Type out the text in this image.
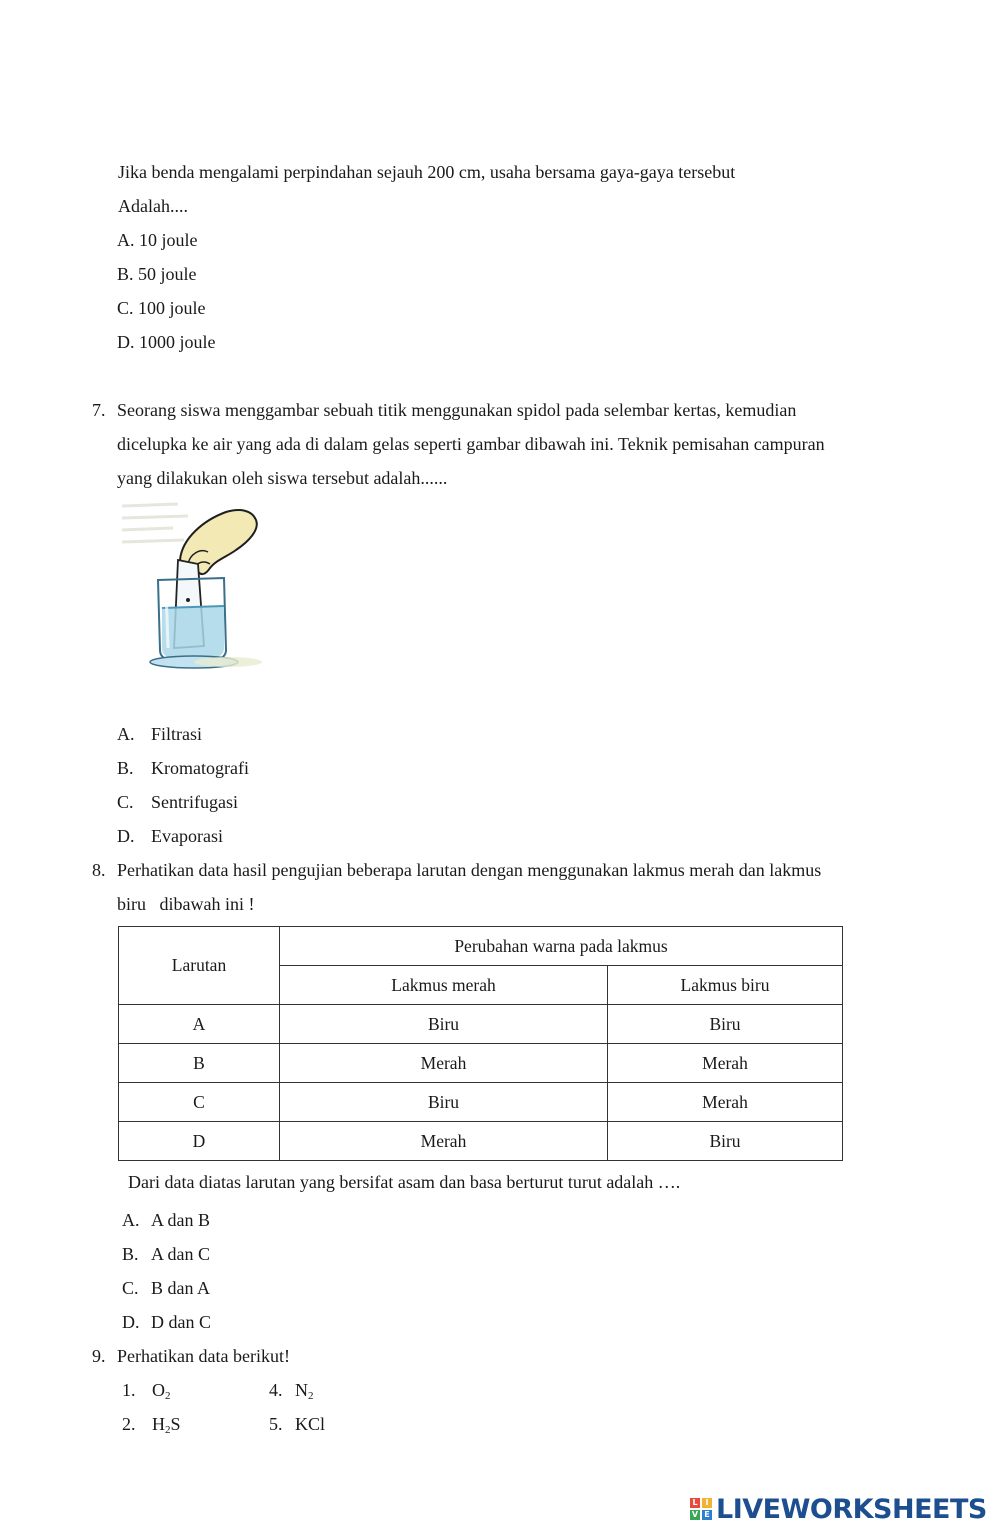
Jika benda mengalami perpindahan sejauh 200 cm, usaha bersama gaya-gaya tersebut
Adalah....
A. 10 joule
B. 50 joule
C. 100 joule
D. 1000 joule
7. Seorang siswa menggambar sebuah titik menggunakan spidol pada selembar kertas, kemudian
dicelupka ke air yang ada di dalam gelas seperti gambar dibawah ini. Teknik pemisahan campuran
yang dilakukan oleh siswa tersebut adalah......
A. Filtrasi
B. Kromatografi
C. Sentrifugasi
D. Evaporasi
8. Perhatikan data hasil pengujian beberapa larutan dengan menggunakan lakmus merah dan lakmus
biru   dibawah ini !
Larutan	Perubahan warna pada lakmus	
	Lakmus merah	Lakmus biru
A	Biru	Biru
B	Merah	Merah
C	Biru	Merah
D	Merah	Biru
Dari data diatas larutan yang bersifat asam dan basa berturut turut adalah ….
A. A dan B
B. A dan C
C. B dan A
D. D dan C
9. Perhatikan data berikut!
1. $O_2$	4. $N_2$
2. $H_2S$	5. KCl
L I
V E LIVEWORKSHEETS
